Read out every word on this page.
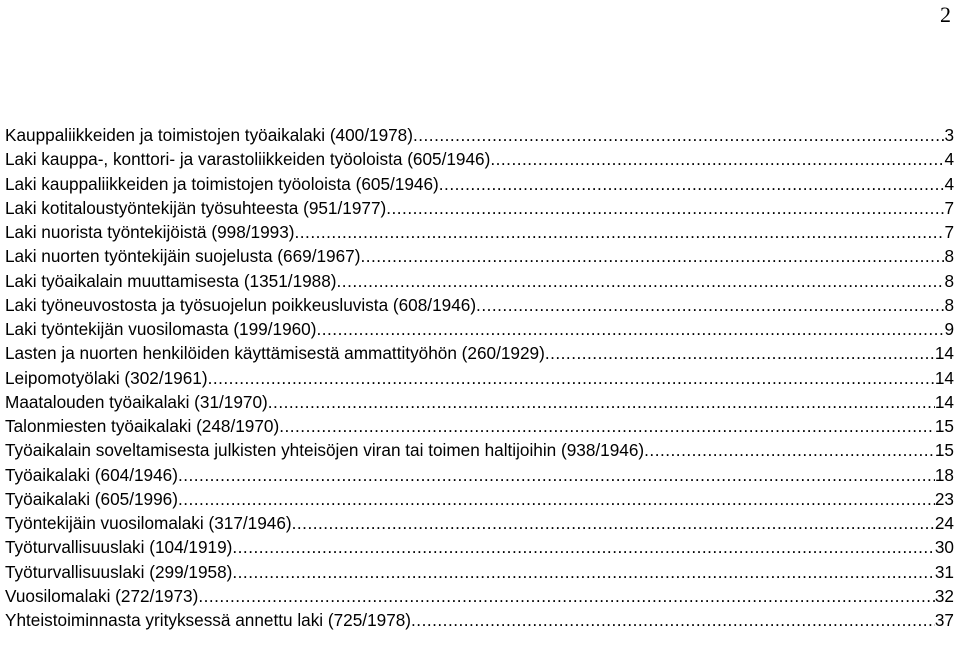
2
Kauppaliikkeiden ja toimistojen työaikalaki (400/1978) .....	3
Laki kauppa-, konttori- ja varastoliikkeiden työoloista (605/1946) .....	4
Laki kauppaliikkeiden ja toimistojen työoloista (605/1946) .....	4
Laki kotitaloustyöntekijän työsuhteesta (951/1977) .....	7
Laki nuorista työntekijöistä (998/1993) .....	7
Laki nuorten työntekijäin suojelusta (669/1967) .....	8
Laki työaikalain muuttamisesta (1351/1988) .....	8
Laki työneuvostosta ja työsuojelun poikkeusluvista (608/1946) .....	8
Laki työntekijän vuosilomasta (199/1960) .....	9
Lasten ja nuorten henkilöiden käyttämisestä ammattityöhön (260/1929) .....	14
Leipomotyölaki (302/1961) .....	14
Maatalouden työaikalaki (31/1970) .....	14
Talonmiesten työaikalaki (248/1970) .....	15
Työaikalain soveltamisesta julkisten yhteisöjen viran tai toimen haltijoihin (938/1946) .....	15
Työaikalaki (604/1946) .....	18
Työaikalaki (605/1996) .....	23
Työntekijäin vuosilomalaki (317/1946) .....	24
Työturvallisuuslaki (104/1919) .....	30
Työturvallisuuslaki (299/1958) .....	31
Vuosilomalaki (272/1973) .....	32
Yhteistoiminnasta yrityksessä annettu laki (725/1978) .....	37
